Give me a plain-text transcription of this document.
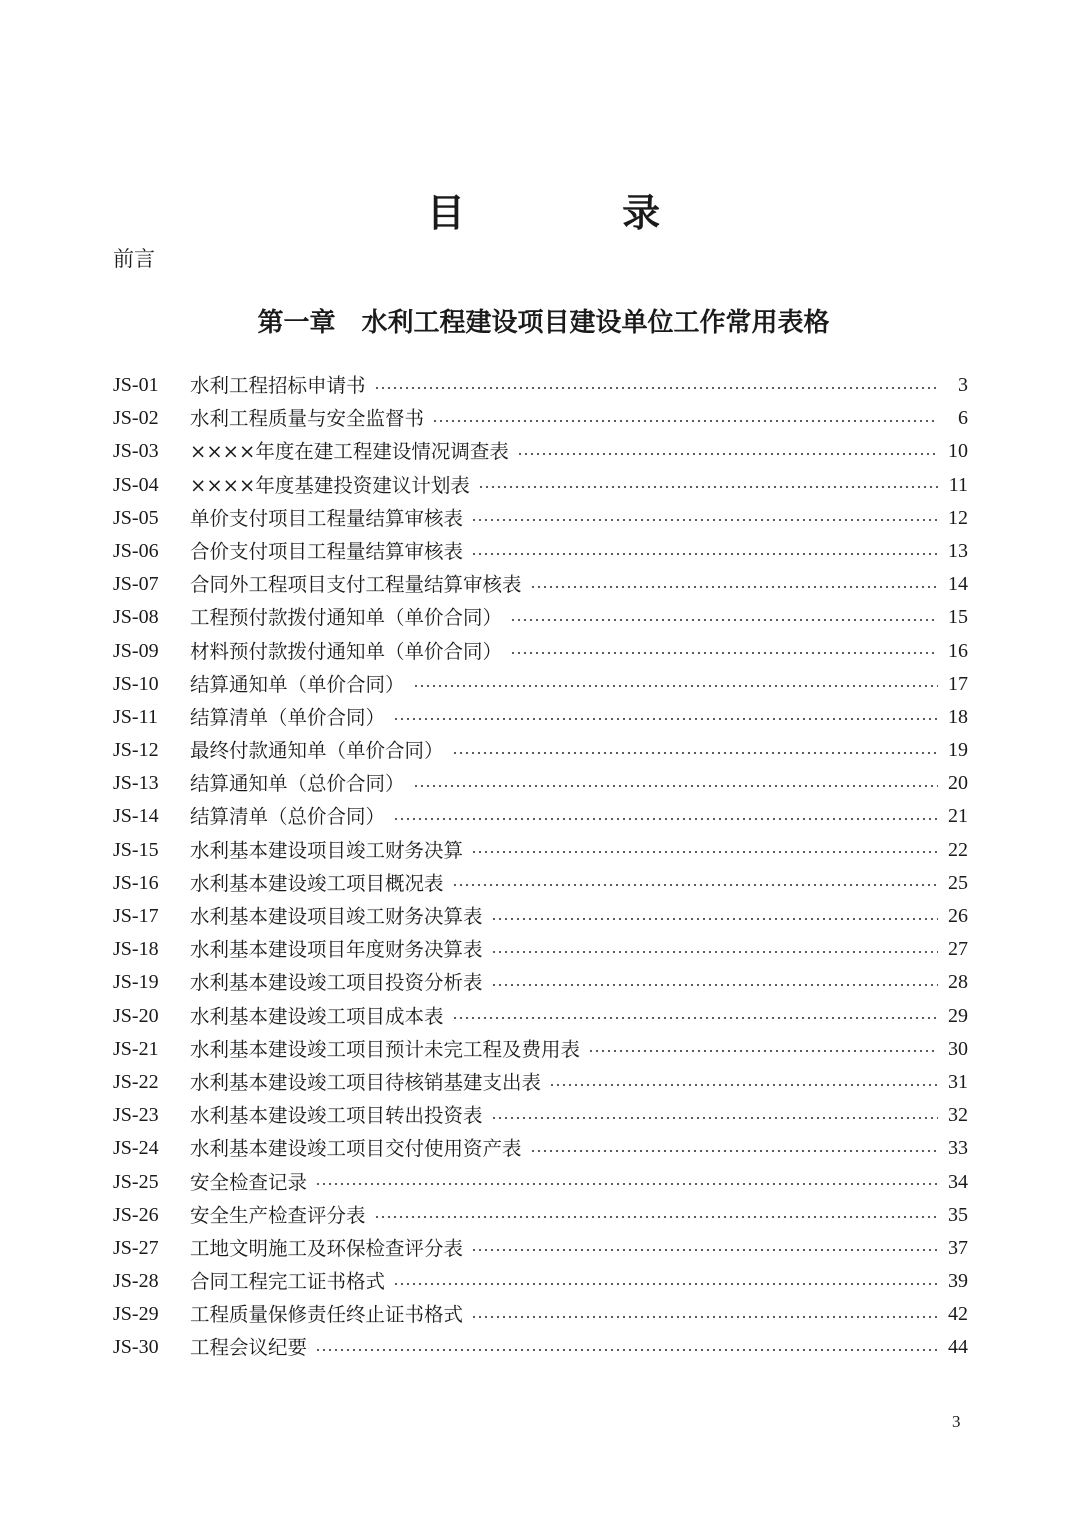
目 录
前言
第一章　水利工程建设项目建设单位工作常用表格
JS-01	水利工程招标申请书	3
JS-02	水利工程质量与安全监督书	6
JS-03	××××年度在建工程建设情况调查表	10
JS-04	××××年度基建投资建议计划表	11
JS-05	单价支付项目工程量结算审核表	12
JS-06	合价支付项目工程量结算审核表	13
JS-07	合同外工程项目支付工程量结算审核表	14
JS-08	工程预付款拨付通知单（单价合同）	15
JS-09	材料预付款拨付通知单（单价合同）	16
JS-10	结算通知单（单价合同）	17
JS-11	结算清单（单价合同）	18
JS-12	最终付款通知单（单价合同）	19
JS-13	结算通知单（总价合同）	20
JS-14	结算清单（总价合同）	21
JS-15	水利基本建设项目竣工财务决算	22
JS-16	水利基本建设竣工项目概况表	25
JS-17	水利基本建设项目竣工财务决算表	26
JS-18	水利基本建设项目年度财务决算表	27
JS-19	水利基本建设竣工项目投资分析表	28
JS-20	水利基本建设竣工项目成本表	29
JS-21	水利基本建设竣工项目预计未完工程及费用表	30
JS-22	水利基本建设竣工项目待核销基建支出表	31
JS-23	水利基本建设竣工项目转出投资表	32
JS-24	水利基本建设竣工项目交付使用资产表	33
JS-25	安全检查记录	34
JS-26	安全生产检查评分表	35
JS-27	工地文明施工及环保检查评分表	37
JS-28	合同工程完工证书格式	39
JS-29	工程质量保修责任终止证书格式	42
JS-30	工程会议纪要	44
3
